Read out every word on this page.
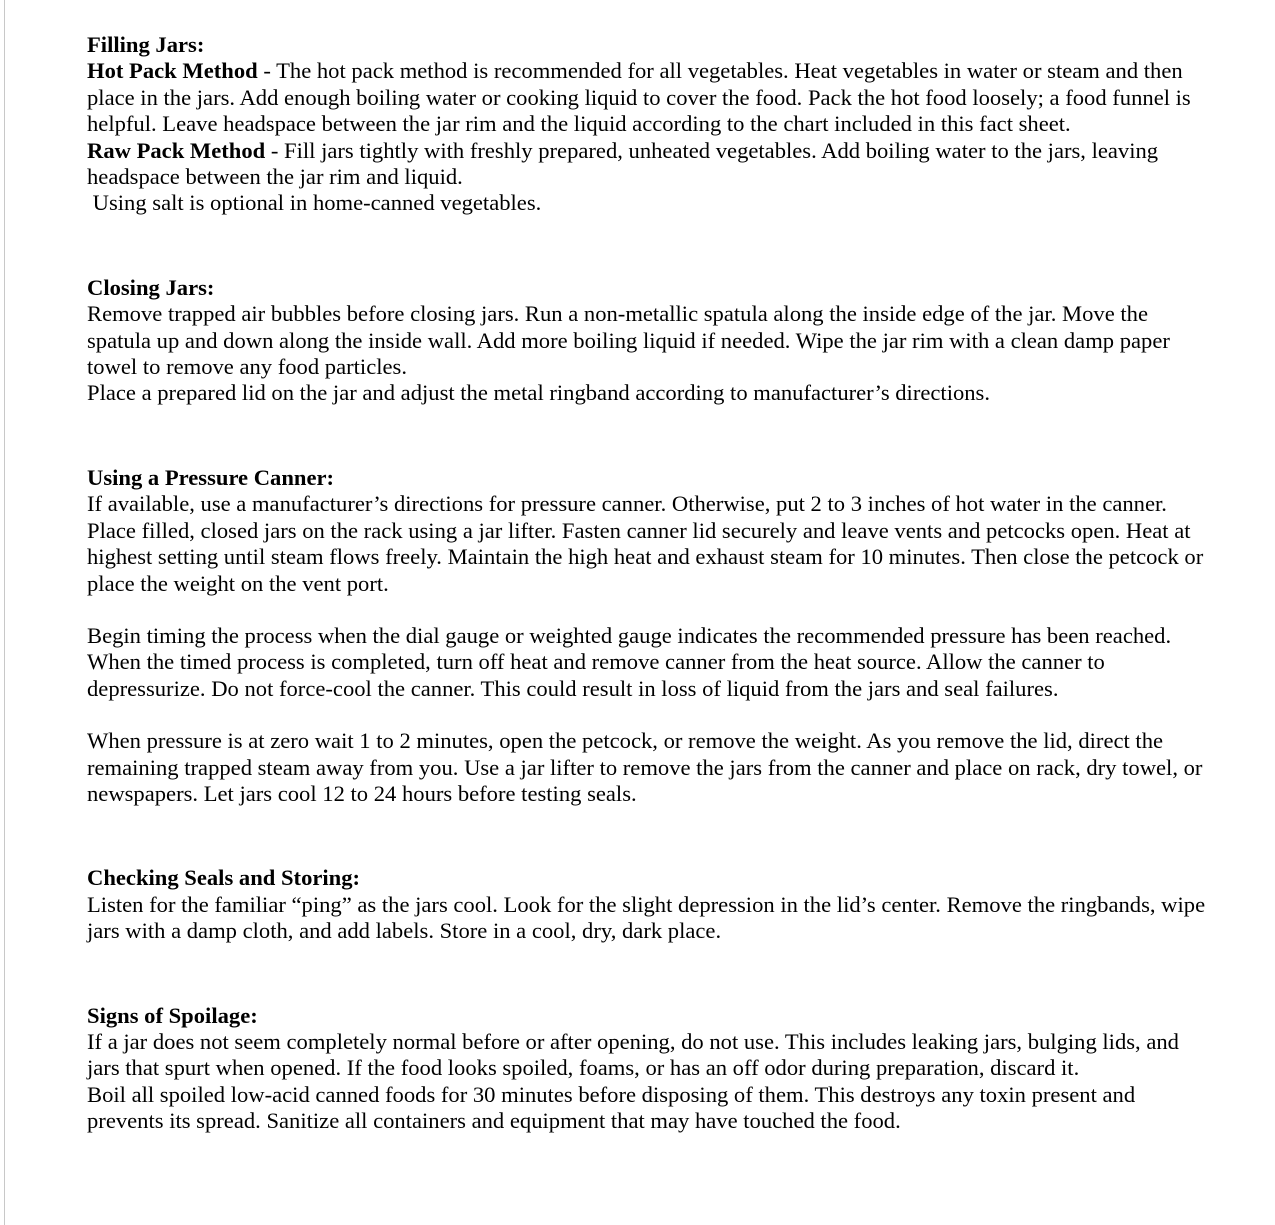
Filling Jars:

Hot Pack Method - The hot pack method is recommended for all vegetables. Heat vegetables in water or steam and then place in the jars. Add enough boiling water or cooking liquid to cover the food. Pack the hot food loosely; a food funnel is helpful. Leave headspace between the jar rim and the liquid according to the chart included in this fact sheet.

Raw Pack Method - Fill jars tightly with freshly prepared, unheated vegetables. Add boiling water to the jars, leaving headspace between the jar rim and liquid.

Using salt is optional in home-canned vegetables.

Closing Jars:

Remove trapped air bubbles before closing jars. Run a non-metallic spatula along the inside edge of the jar. Move the spatula up and down along the inside wall. Add more boiling liquid if needed. Wipe the jar rim with a clean damp paper towel to remove any food particles.

Place a prepared lid on the jar and adjust the metal ringband according to manufacturer’s directions.

Using a Pressure Canner:

If available, use a manufacturer’s directions for pressure canner. Otherwise, put 2 to 3 inches of hot water in the canner. Place filled, closed jars on the rack using a jar lifter. Fasten canner lid securely and leave vents and petcocks open. Heat at highest setting until steam flows freely. Maintain the high heat and exhaust steam for 10 minutes. Then close the petcock or place the weight on the vent port.

Begin timing the process when the dial gauge or weighted gauge indicates the recommended pressure has been reached. When the timed process is completed, turn off heat and remove canner from the heat source. Allow the canner to depressurize. Do not force-cool the canner. This could result in loss of liquid from the jars and seal failures.

When pressure is at zero wait 1 to 2 minutes, open the petcock, or remove the weight. As you remove the lid, direct the remaining trapped steam away from you. Use a jar lifter to remove the jars from the canner and place on rack, dry towel, or newspapers. Let jars cool 12 to 24 hours before testing seals.

Checking Seals and Storing:

Listen for the familiar “ping” as the jars cool. Look for the slight depression in the lid’s center. Remove the ringbands, wipe jars with a damp cloth, and add labels. Store in a cool, dry, dark place.

Signs of Spoilage:

If a jar does not seem completely normal before or after opening, do not use. This includes leaking jars, bulging lids, and jars that spurt when opened. If the food looks spoiled, foams, or has an off odor during preparation, discard it.

Boil all spoiled low-acid canned foods for 30 minutes before disposing of them. This destroys any toxin present and prevents its spread. Sanitize all containers and equipment that may have touched the food.
